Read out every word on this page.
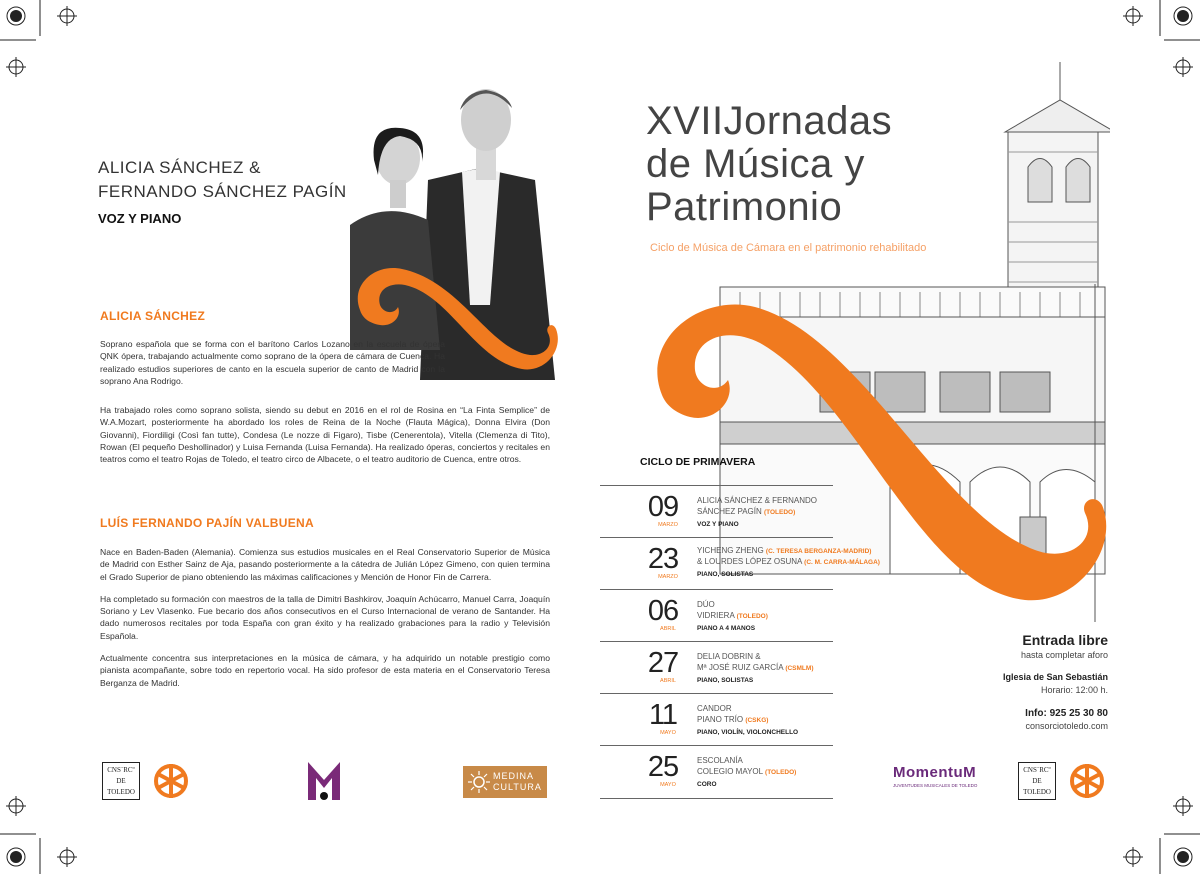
ALICIA SÁNCHEZ &
FERNANDO SÁNCHEZ PAGÍN
VOZ Y PIANO
ALICIA SÁNCHEZ

Soprano española que se forma con el barítono Carlos Lozano en la escuela de ópera QNK ópera, trabajando actualmente como soprano de la ópera de cámara de Cuenca. Ha realizado estudios superiores de canto en la escuela superior de canto de Madrid con la soprano Ana Rodrigo.

Ha trabajado roles como soprano solista, siendo su debut en 2016 en el rol de Rosina en “La Finta Semplice” de W.A.Mozart, posteriormente ha abordado los roles de Reina de la Noche (Flauta Mágica), Donna Elvira (Don Giovanni), Fiordiligi (Così fan tutte), Condesa (Le nozze di Figaro), Tisbe (Cenerentola), Vitella (Clemenza di Tito), Rowan (El pequeño Deshollinador) y Luisa Fernanda (Luisa Fernanda). Ha realizado óperas, conciertos y recitales en teatros como el teatro Rojas de Toledo, el teatro circo de Albacete, o el teatro auditorio de Cuenca, entre otros.

LUÍS FERNANDO PAJÍN VALBUENA

Nace en Baden-Baden (Alemania). Comienza sus estudios musicales en el Real Conservatorio Superior de Música de Madrid con Esther Sainz de Aja, pasando posteriormente a la cátedra de Julián López Gimeno, con quien termina el Grado Superior de piano obteniendo las máximas calificaciones y Mención de Honor Fin de Carrera.

Ha completado su formación con maestros de la talla de Dimitri Bashkirov, Joaquín Achúcarro, Manuel Carra, Joaquín Soriano y Lev Vlasenko. Fue becario dos años consecutivos en el Curso Internacional de verano de Santander. Ha dado numerosos recitales por toda España con gran éxito y ha realizado grabaciones para la radio y Televisión Española.

Actualmente concentra sus interpretaciones en la música de cámara, y ha adquirido un notable prestigio como pianista acompañante, sobre todo en repertorio vocal. Ha sido profesor de esta materia en el Conservatorio Teresa Berganza de Madrid.

CNS´RCº
DE
TOLEDO
MEDINA
CULTURA
XVIIJornadas
de Música y
Patrimonio
Ciclo de Música de Cámara en el patrimonio rehabilitado
CICLO DE PRIMAVERA
09
MARZO
ALICIA SÁNCHEZ & FERNANDO
SÁNCHEZ PAGÍN (TOLEDO)
VOZ Y PIANO
23
MARZO
YICHENG ZHENG (C. TERESA BERGANZA-MADRID)
& LOURDES LÓPEZ OSUNA (C. M. CARRA-MÁLAGA)
PIANO, SOLISTAS
06
ABRIL
DÚO
VIDRIERA (TOLEDO)
PIANO A 4 MANOS
27
ABRIL
DELIA DOBRIN &
Mª JOSÉ RUIZ GARCÍA (CSMLM)
PIANO, SOLISTAS
11
MAYO
CANDOR
PIANO TRÍO (CSKG)
PIANO, VIOLÍN, VIOLONCHELLO
25
MAYO
ESCOLANÍA
COLEGIO MAYOL (TOLEDO)
CORO
Entrada libre
hasta completar aforo
Iglesia de San Sebastián
Horario: 12:00 h.
Info: 925 25 30 80
consorciotoledo.com
MomentuM
JUVENTUDES MUSICALES DE TOLEDO
CNS´RCº
DE
TOLEDO
